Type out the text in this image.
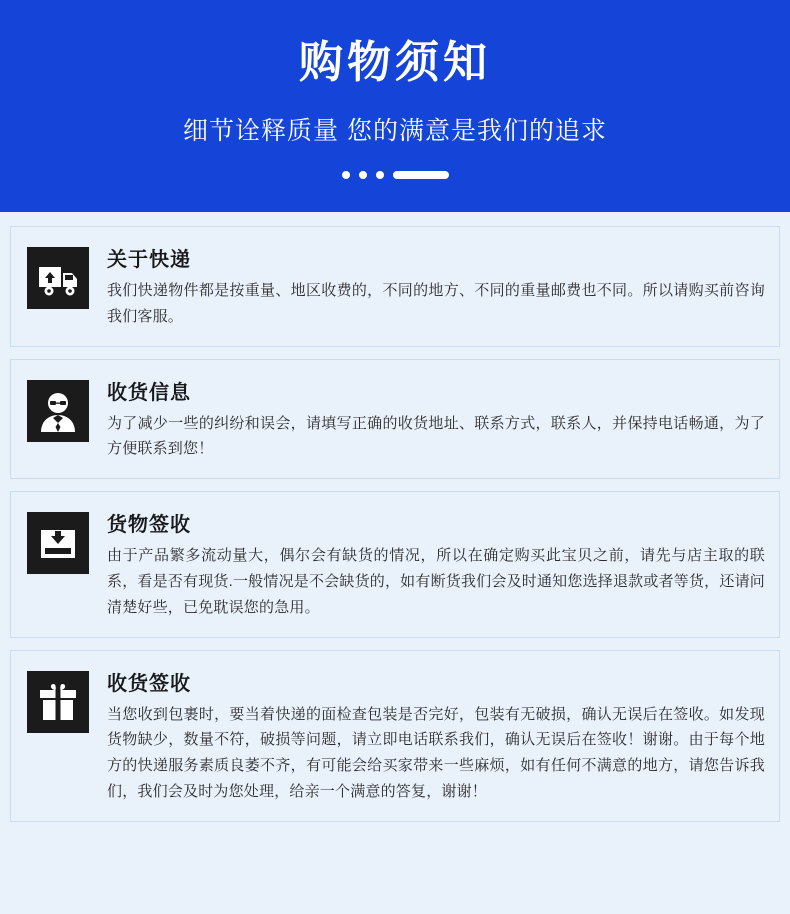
购物须知
细节诠释质量 您的满意是我们的追求
关于快递

我们快递物件都是按重量、地区收费的，不同的地方、不同的重量邮费也不同。所以请购买前咨询我们客服。

收货信息

为了减少一些的纠纷和误会，请填写正确的收货地址、联系方式，联系人，并保持电话畅通，为了方便联系到您！

货物签收

由于产品繁多流动量大，偶尔会有缺货的情况，所以在确定购买此宝贝之前，请先与店主取的联系，看是否有现货.一般情况是不会缺货的，如有断货我们会及时通知您选择退款或者等货，还请问清楚好些，已免耽误您的急用。

收货签收

当您收到包裹时，要当着快递的面检查包装是否完好，包装有无破损，确认无误后在签收。如发现货物缺少，数量不符，破损等问题，请立即电话联系我们，确认无误后在签收！谢谢。由于每个地方的快递服务素质良萎不齐，有可能会给买家带来一些麻烦，如有任何不满意的地方，请您告诉我们，我们会及时为您处理，给亲一个满意的答复，谢谢！
